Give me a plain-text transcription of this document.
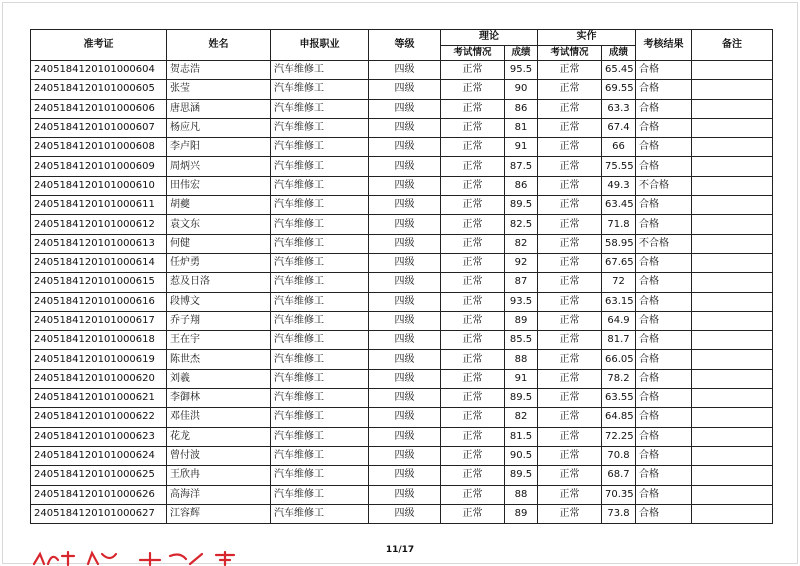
准考证	姓名	申报职业	等级	理论		实作		考核结果	备注
				考试情况	成绩	考试情况	成绩		
2405184120101000604	贺志浩	汽车维修工	四级	正常	95.5	正常	65.45	合格	
2405184120101000605	张莹	汽车维修工	四级	正常	90	正常	69.55	合格	
2405184120101000606	唐思涵	汽车维修工	四级	正常	86	正常	63.3	合格	
2405184120101000607	杨应凡	汽车维修工	四级	正常	81	正常	67.4	合格	
2405184120101000608	李卢阳	汽车维修工	四级	正常	91	正常	66	合格	
2405184120101000609	周炳兴	汽车维修工	四级	正常	87.5	正常	75.55	合格	
2405184120101000610	田伟宏	汽车维修工	四级	正常	86	正常	49.3	不合格	
2405184120101000611	胡夔	汽车维修工	四级	正常	89.5	正常	63.45	合格	
2405184120101000612	袁文东	汽车维修工	四级	正常	82.5	正常	71.8	合格	
2405184120101000613	何健	汽车维修工	四级	正常	82	正常	58.95	不合格	
2405184120101000614	任炉勇	汽车维修工	四级	正常	92	正常	67.65	合格	
2405184120101000615	惹及日洛	汽车维修工	四级	正常	87	正常	72	合格	
2405184120101000616	段博文	汽车维修工	四级	正常	93.5	正常	63.15	合格	
2405184120101000617	乔子翔	汽车维修工	四级	正常	89	正常	64.9	合格	
2405184120101000618	王在宇	汽车维修工	四级	正常	85.5	正常	81.7	合格	
2405184120101000619	陈世杰	汽车维修工	四级	正常	88	正常	66.05	合格	
2405184120101000620	刘羲	汽车维修工	四级	正常	91	正常	78.2	合格	
2405184120101000621	李御林	汽车维修工	四级	正常	89.5	正常	63.55	合格	
2405184120101000622	邓佳洪	汽车维修工	四级	正常	82	正常	64.85	合格	
2405184120101000623	花龙	汽车维修工	四级	正常	81.5	正常	72.25	合格	
2405184120101000624	曾付波	汽车维修工	四级	正常	90.5	正常	70.8	合格	
2405184120101000625	王欣冉	汽车维修工	四级	正常	89.5	正常	68.7	合格	
2405184120101000626	高海洋	汽车维修工	四级	正常	88	正常	70.35	合格	
2405184120101000627	江容辉	汽车维修工	四级	正常	89	正常	73.8	合格	
11/17
